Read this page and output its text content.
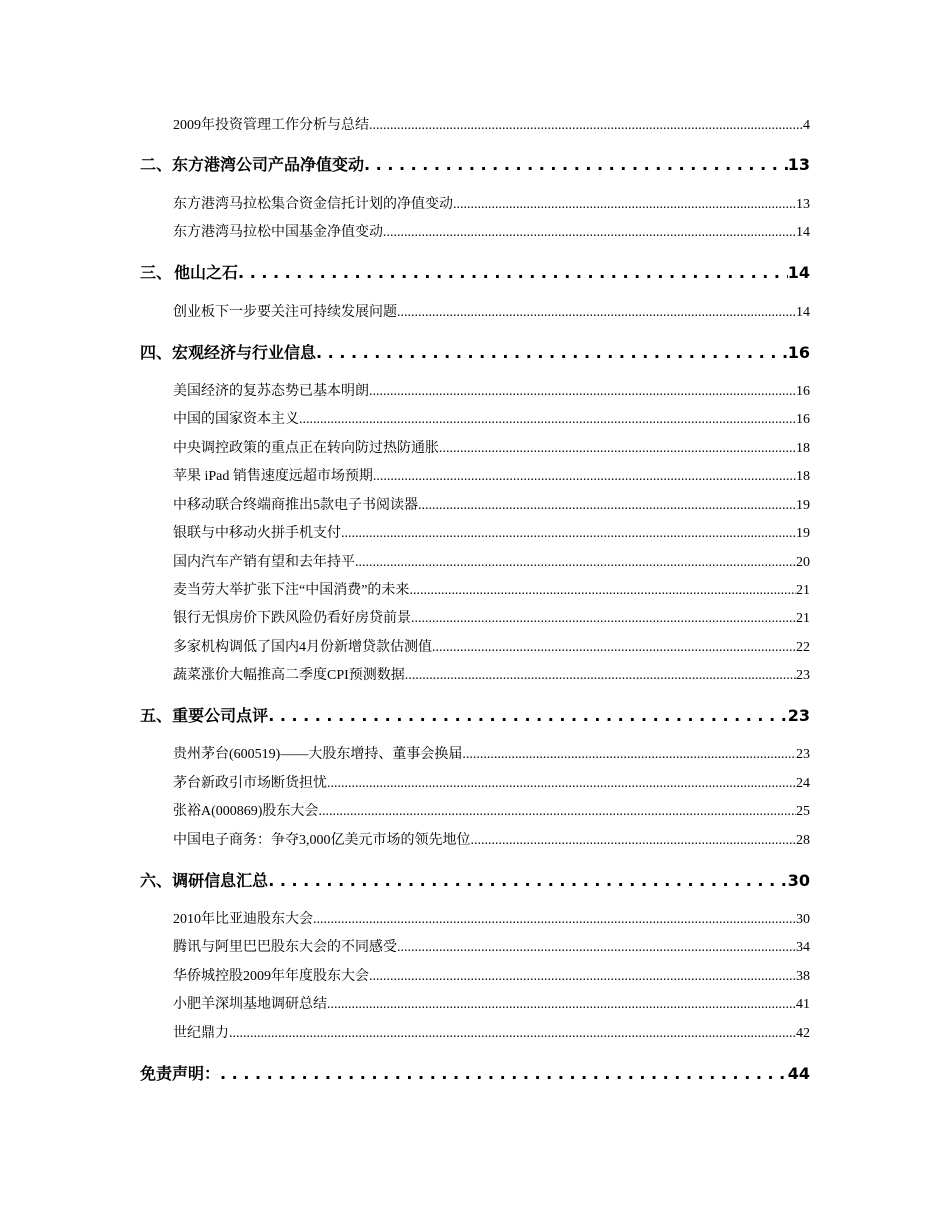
2009年投资管理工作分析与总结 .....	4
二、 东方港湾公司产品净值变动 . . .	13
东方港湾马拉松集合资金信托计划的净值变动 .....	13
东方港湾马拉松中国基金净值变动 .....	14
三、 他山之石 . . .	14
创业板下一步要关注可持续发展问题 .....	14
四、 宏观经济与行业信息 . . .	16
美国经济的复苏态势已基本明朗 .....	16
中国的国家资本主义 .....	16
中央调控政策的重点正在转向防过热防通胀 .....	18
苹果 iPad 销售速度远超市场预期 .....	18
中移动联合终端商推出5款电子书阅读器 .....	19
银联与中移动火拼手机支付 .....	19
国内汽车产销有望和去年持平 .....	20
麦当劳大举扩张下注“中国消费”的未来 .....	21
银行无惧房价下跌风险仍看好房贷前景 .....	21
多家机构调低了国内4月份新增贷款估测值 .....	22
蔬菜涨价大幅推高二季度CPI预测数据 .....	23
五、 重要公司点评 . . .	23
贵州茅台(600519)——大股东增持、董事会换届 .....	23
茅台新政引市场断货担忧 .....	24
张裕A(000869)股东大会 .....	25
中国电子商务：争夺3,000亿美元市场的领先地位 .....	28
六、 调研信息汇总 . . .	30
2010年比亚迪股东大会 .....	30
腾讯与阿里巴巴股东大会的不同感受 .....	34
华侨城控股2009年年度股东大会 .....	38
小肥羊深圳基地调研总结 .....	41
世纪鼎力 .....	42
免责声明： . . .	44
